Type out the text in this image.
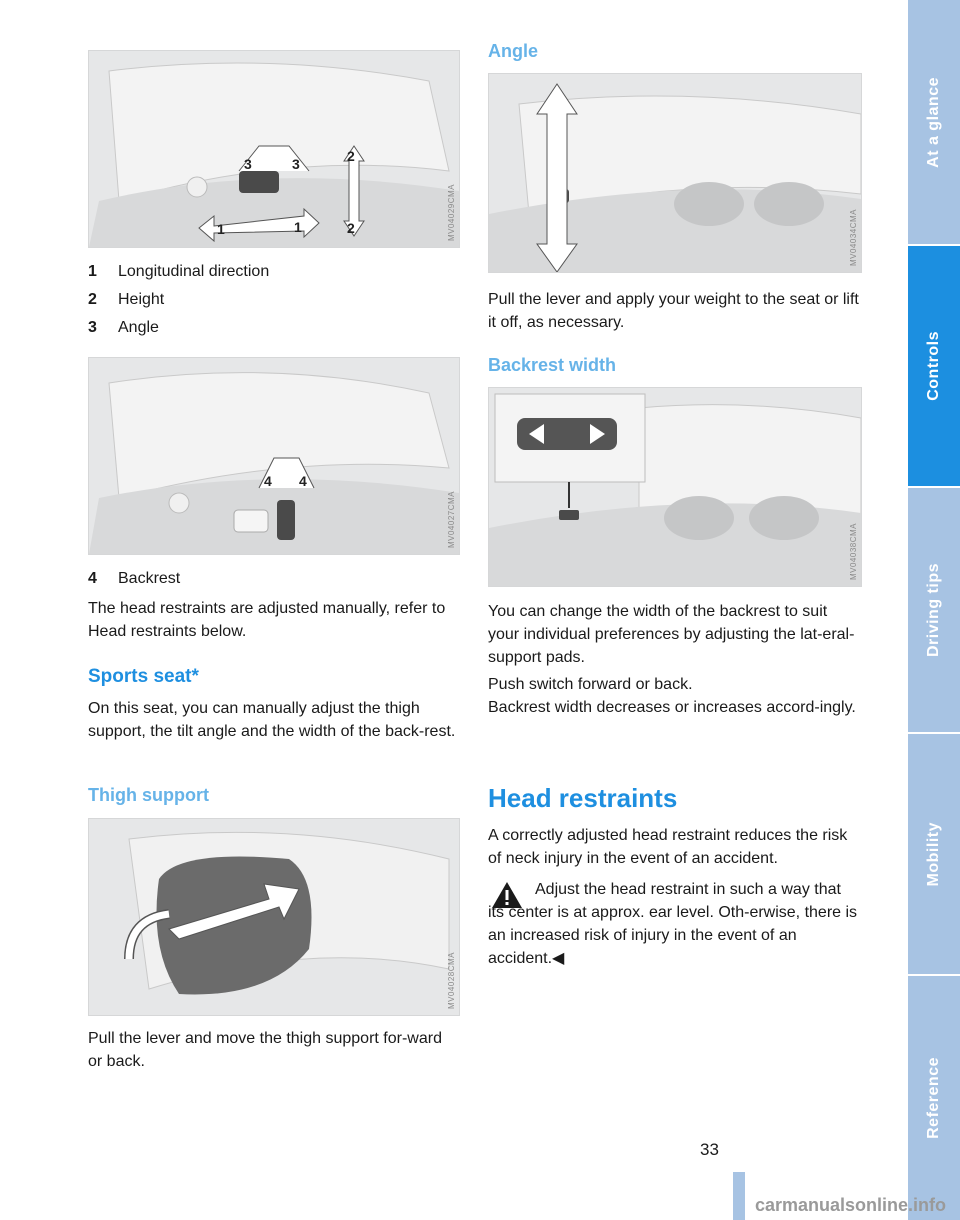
1	1
2
2
3	3
MV04029CMA
1	Longitudinal direction
2	Height
3	Angle
4 4
MV04027CMA
4	Backrest

The head restraints are adjusted manually, refer to Head restraints below.

Sports seat*

On this seat, you can manually adjust the thigh support, the tilt angle and the width of the back-rest.

Thigh support
MV04028CMA

Pull the lever and move the thigh support for-ward or back.

Angle
MV04034CMA

Pull the lever and apply your weight to the seat or lift it off, as necessary.

Backrest width
MV04038CMA

You can change the width of the backrest to suit your individual preferences by adjusting the lat-eral-support pads.

Push switch forward or back.

Backrest width decreases or increases accord-ingly.

Head restraints

A correctly adjusted head restraint reduces the risk of neck injury in the event of an accident.

Adjust the head restraint in such a way that its center is at approx. ear level. Oth-erwise, there is an increased risk of injury in the event of an accident.◀

At a glance
Controls
Driving tips
Mobility
Reference
33
carmanualsonline.info
